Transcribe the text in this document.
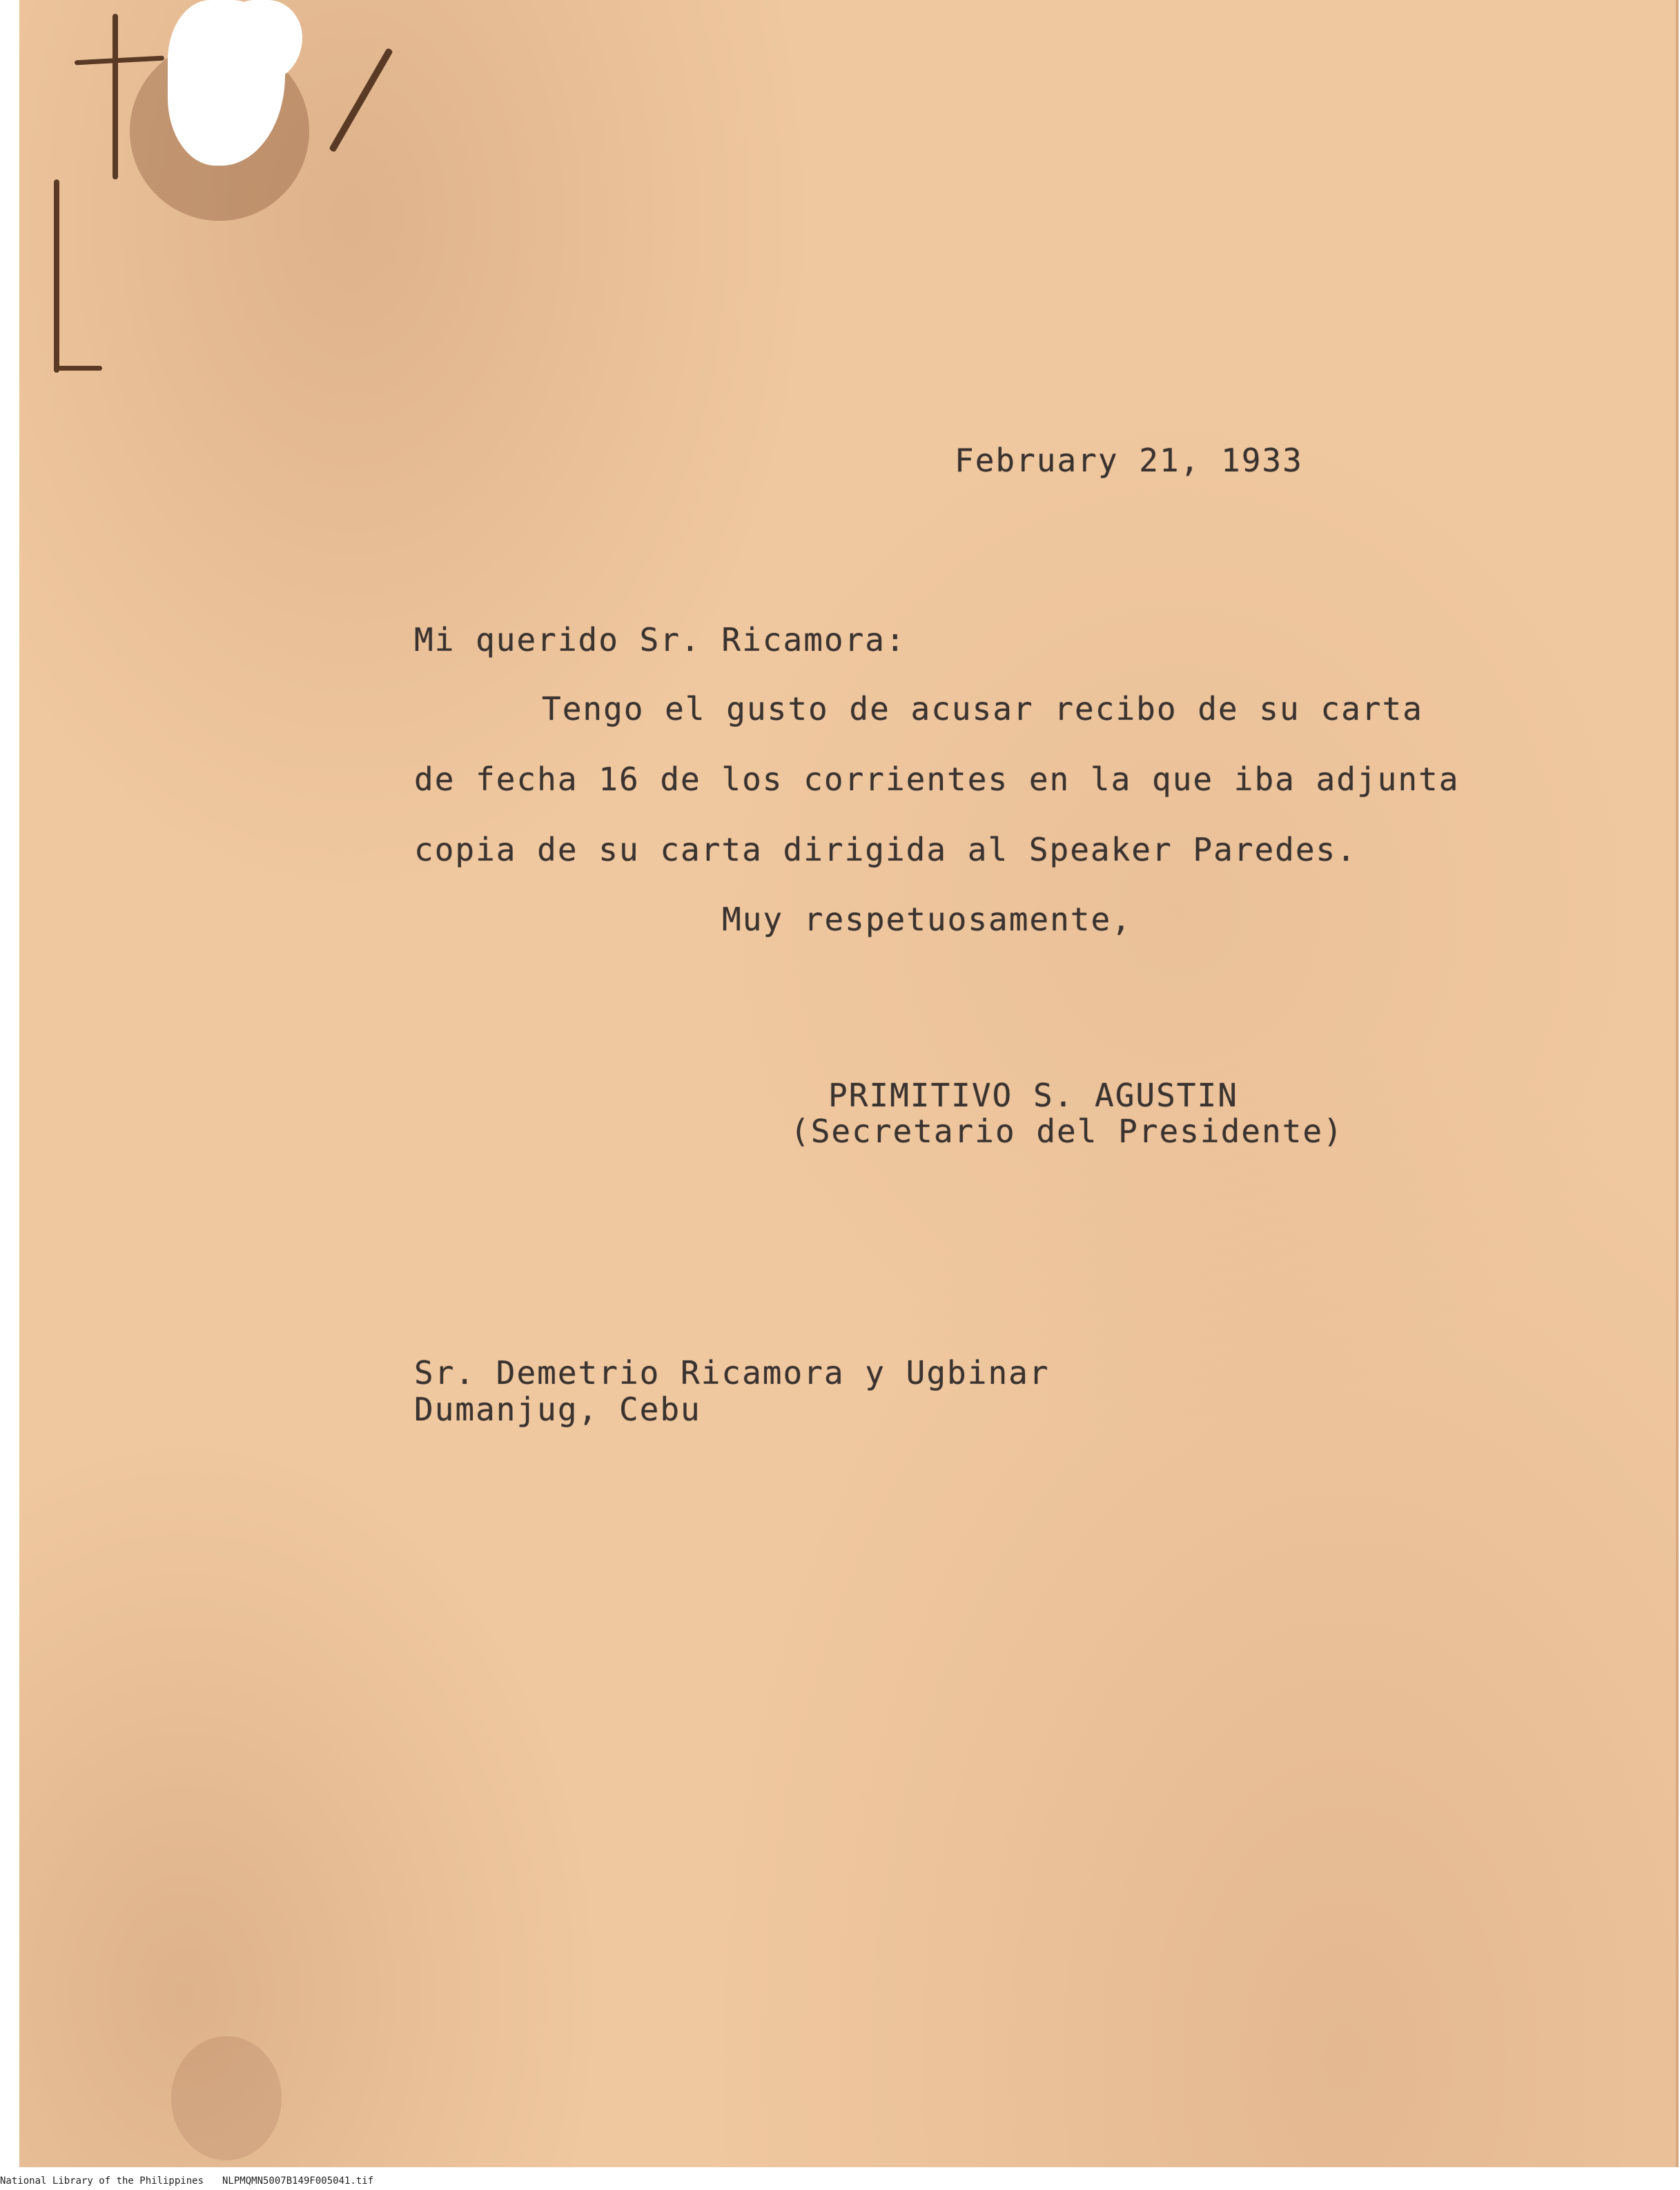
February 21, 1933

Mi querido Sr. Ricamora:

Tengo el gusto de acusar recibo de su carta

de fecha 16 de los corrientes en la que iba adjunta

copia de su carta dirigida al Speaker Paredes.

Muy respetuosamente,

PRIMITIVO S. AGUSTIN

(Secretario del Presidente)

Sr. Demetrio Ricamora y Ugbinar

Dumanjug, Cebu

National Library of the Philippines NLPMQMN5007B149F005041.tif
